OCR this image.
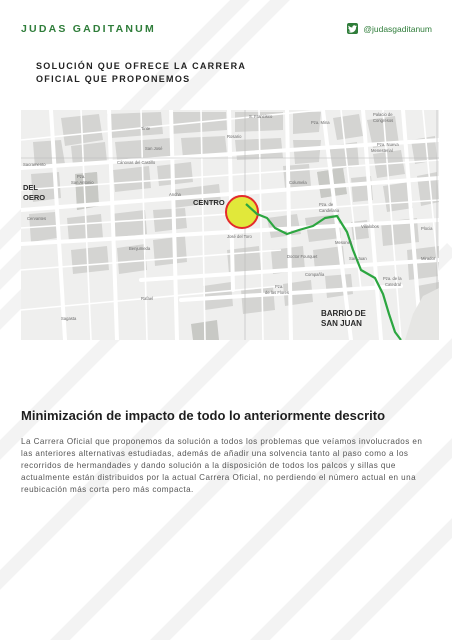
JUDAS GADITANUM	@judasgaditanum
SOLUCIÓN QUE OFRECE LA CARRERA
OFICIAL QUE PROPONEMOS
CENTRO
BARRIO DE
SAN JUAN
DEL
OERO
Pza.
San Antonio
Pza. de
Candelaria
Pza.
de las Flores
Pza. de la
Catedral
Pza. Mina
Palacio de
Congresos
Pza. Nueva
Menesterial
S. Francisco
Rosario
Ancha
Columela
Cánovas del Castillo
San José
Benjumeda
Sagasta
José del Toro
Compañía
Doctor Fourquet
Villalobos
Mirador
Mesones
San Juan
Cervantes
Sacramento
Tinte
Plocia
Rafael
Minimización de impacto de todo lo anteriormente descrito
La Carrera Oficial que proponemos da solución a todos los problemas que veíamos involucrados en las anteriores alternativas estudiadas, además de añadir una solvencia tanto al paso como a los recorridos de hermandades y dando solución a la disposición de todos los palcos y sillas que actualmente están distribuidos por la actual Carrera Oficial, no perdiendo el número actual en una reubicación más corta pero más compacta.
